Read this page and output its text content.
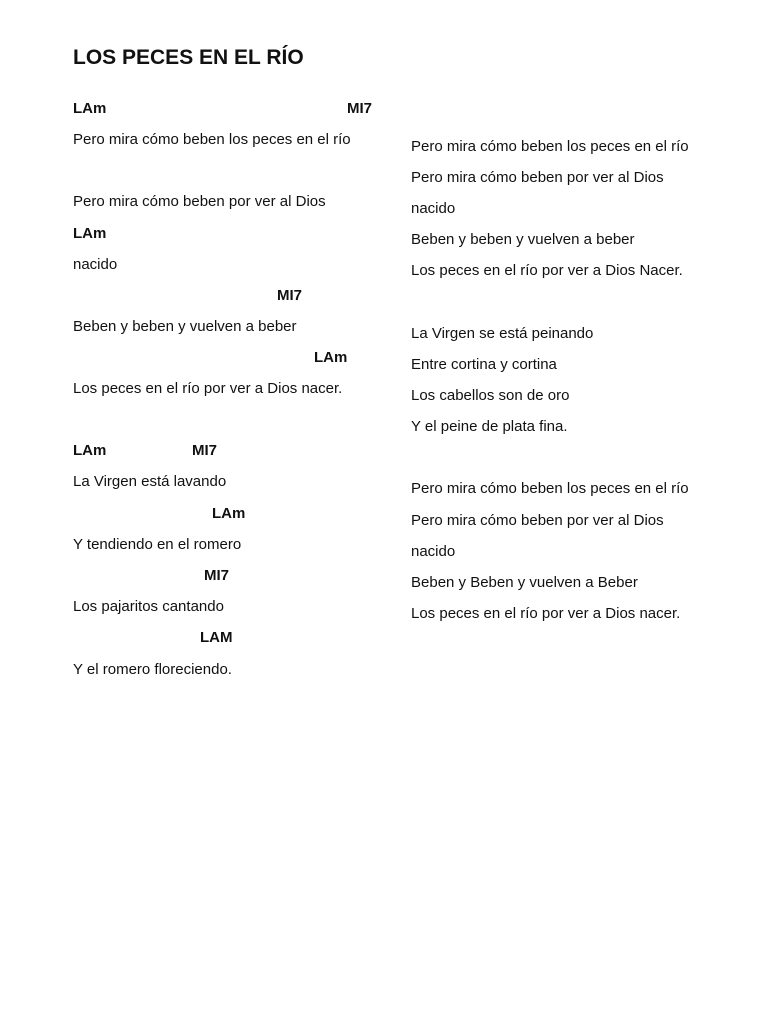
LOS PECES EN EL RÍO
LAm	MI7
Pero mira cómo beben los peces en el río
Pero mira cómo beben por ver al Dios
LAm
nacido
MI7
Beben y beben y vuelven a beber
LAm
Los peces en el río por ver a Dios nacer.
LAm	MI7
La Virgen está lavando
LAm
Y tendiendo en el romero
MI7
Los pajaritos cantando
LAM
Y el romero floreciendo.
Pero mira cómo beben los peces en el río
Pero mira cómo beben por ver al Dios
nacido
Beben y beben y vuelven a beber
Los peces en el río por ver a Dios Nacer.
La Virgen se está peinando
Entre cortina y cortina
Los cabellos son de oro
Y el peine de plata fina.
Pero mira cómo beben los peces en el río
Pero mira cómo beben por ver al Dios
nacido
Beben y Beben y vuelven a Beber
Los peces en el río por ver a Dios nacer.
